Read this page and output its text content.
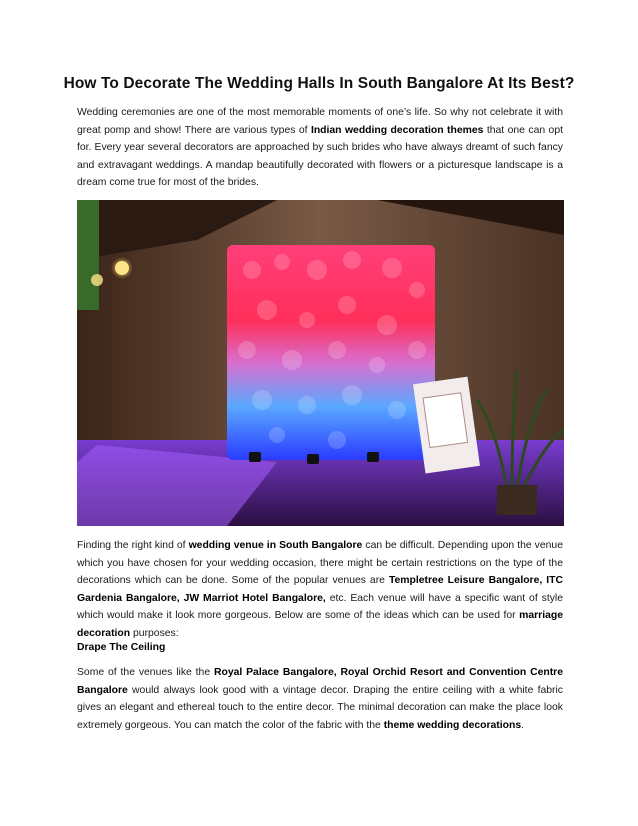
How To Decorate The Wedding Halls In South Bangalore At Its Best?

Wedding ceremonies are one of the most memorable moments of one’s life. So why not celebrate it with great pomp and show! There are various types of Indian wedding decoration themes that one can opt for. Every year several decorators are approached by such brides who have always dreamt of such fancy and extravagant weddings. A mandap beautifully decorated with flowers or a picturesque landscape is a dream come true for most of the brides.

Finding the right kind of wedding venue in South Bangalore can be difficult. Depending upon the venue which you have chosen for your wedding occasion, there might be certain restrictions on the type of the decorations which can be done. Some of the popular venues are Templetree Leisure Bangalore, ITC Gardenia Bangalore, JW Marriot Hotel Bangalore, etc. Each venue will have a specific want of style which would make it look more gorgeous. Below are some of the ideas which can be used for marriage decoration purposes:

Drape The Ceiling

Some of the venues like the Royal Palace Bangalore, Royal Orchid Resort and Convention Centre Bangalore would always look good with a vintage decor. Draping the entire ceiling with a white fabric gives an elegant and ethereal touch to the entire decor. The minimal decoration can make the place look extremely gorgeous. You can match the color of the fabric with the theme wedding decorations.
